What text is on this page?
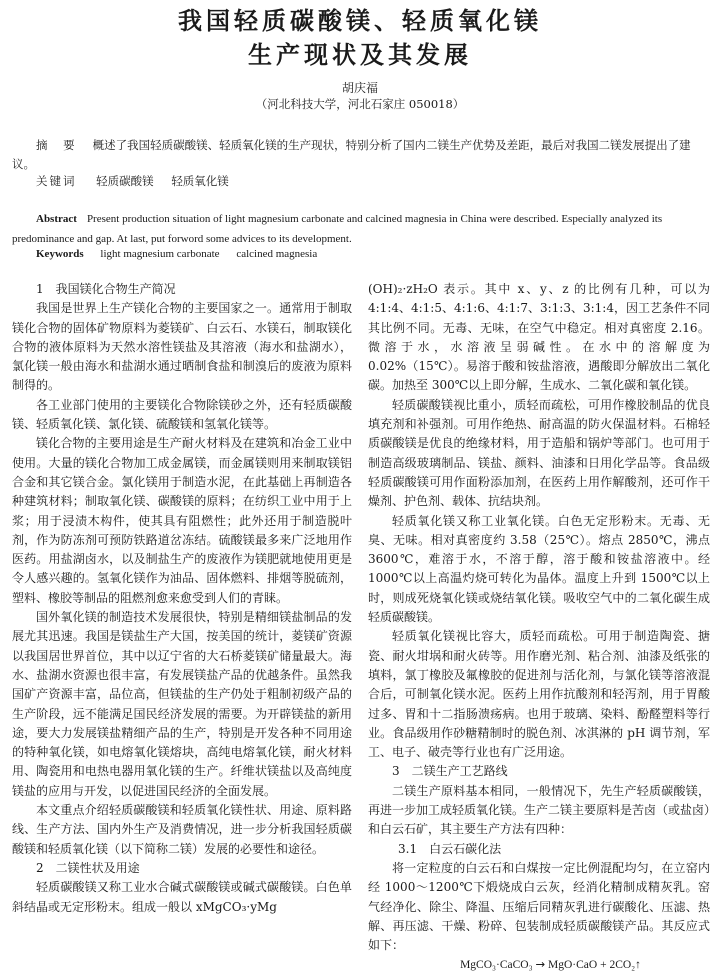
我国轻质碳酸镁、轻质氧化镁
生产现状及其发展
胡庆福
（河北科技大学，河北石家庄 050018）
摘 要 概述了我国轻质碳酸镁、轻质氧化镁的生产现状，特别分析了国内二镁生产优势及差距，最后对我国二镁发展提出了建议。
关键词 轻质碳酸镁 轻质氧化镁
Abstract Present production situation of light magnesium carbonate and calcined magnesia in China were described. Especially analyzed its predominance and gap. At last, put forword some advices to its development.
Keywords light magnesium carbonate calcined magnesia

1 我国镁化合物生产简况

我国是世界上生产镁化合物的主要国家之一。通常用于制取镁化合物的固体矿物原料为菱镁矿、白云石、水镁石，制取镁化合物的液体原料为天然水溶性镁盐及其溶液（海水和盐湖水），氯化镁一般由海水和盐湖水通过晒制食盐和制溴后的废液为原料制得的。

各工业部门使用的主要镁化合物除镁砂之外，还有轻质碳酸镁、轻质氧化镁、氯化镁、硫酸镁和氢氧化镁等。

镁化合物的主要用途是生产耐火材料及在建筑和冶金工业中使用。大量的镁化合物加工成金属镁，而金属镁则用来制取镁铝合金和其它镁合金。氯化镁用于制造水泥，在此基础上再制造各种建筑材料；制取氧化镁、碳酸镁的原料；在纺织工业中用于上浆；用于浸渍木构件，使其具有阻燃性；此外还用于制造脱叶剂，作为防冻剂可预防铁路道岔冻结。硫酸镁最多来广泛地用作医药。用盐湖卤水，以及制盐生产的废液作为镁肥就地使用更是令人感兴趣的。氢氧化镁作为油品、固体燃料、排烟等脱硫剂，塑料、橡胶等制品的阻燃剂愈来愈受到人们的青睐。

国外氧化镁的制造技术发展很快，特别是精细镁盐制品的发展尤其迅速。我国是镁盐生产大国，按美国的统计，菱镁矿资源以我国居世界首位，其中以辽宁省的大石桥菱镁矿储量最大。海水、盐湖水资源也很丰富，有发展镁盐产品的优越条件。虽然我国矿产资源丰富，品位高，但镁盐的生产仍处于粗制初级产品的生产阶段，远不能满足国民经济发展的需要。为开辟镁盐的新用途，要大力发展镁盐精细产品的生产，特别是开发各种不同用途的特种氧化镁，如电熔氧化镁熔块，高纯电熔氧化镁，耐火材料用、陶瓷用和电热电器用氧化镁的生产。纤维状镁盐以及高纯度镁盐的应用与开发，以促进国民经济的全面发展。

本文重点介绍轻质碳酸镁和轻质氧化镁性状、用途、原料路线、生产方法、国内外生产及消费情况，进一步分析我国轻质碳酸镁和轻质氧化镁（以下简称二镁）发展的必要性和途径。

2 二镁性状及用途

轻质碳酸镁又称工业水合碱式碳酸镁或碱式碳酸镁。白色单斜结晶或无定形粉末。组成一般以 xMgCO₃·yMg

(OH)₂·zH₂O 表示。其中 x、y、z 的比例有几种，可以为 4:1:4、4:1:5、4:1:6、4:1:7、3:1:3、3:1:4，因工艺条件不同其比例不同。无毒、无味，在空气中稳定。相对真密度 2.16。微溶于水，水溶液呈弱碱性。在水中的溶解度为 0.02%（15℃）。易溶于酸和铵盐溶液，遇酸即分解放出二氧化碳。加热至 300℃以上即分解，生成水、二氧化碳和氧化镁。

轻质碳酸镁视比重小，质轻而疏松，可用作橡胶制品的优良填充剂和补强剂。可用作绝热、耐高温的防火保温材料。石棉轻质碳酸镁是优良的绝缘材料，用于造船和锅炉等部门。也可用于制造高级玻璃制品、镁盐、颜料、油漆和日用化学品等。食品级轻质碳酸镁可用作面粉添加剂，在医药上用作解酸剂，还可作干燥剂、护色剂、载体、抗结块剂。

轻质氧化镁又称工业氧化镁。白色无定形粉末。无毒、无臭、无味。相对真密度约 3.58（25℃）。熔点 2850℃，沸点 3600℃，难溶于水，不溶于醇，溶于酸和铵盐溶液中。经 1000℃以上高温灼烧可转化为晶体。温度上升到 1500℃以上时，则成死烧氧化镁或烧结氧化镁。吸收空气中的二氧化碳生成轻质碳酸镁。

轻质氧化镁视比容大，质轻而疏松。可用于制造陶瓷、搪瓷、耐火坩埚和耐火砖等。用作磨光剂、粘合剂、油漆及纸张的填料，氯丁橡胶及氟橡胶的促进剂与活化剂，与氯化镁等溶液混合后，可制氧化镁水泥。医药上用作抗酸剂和轻泻剂，用于胃酸过多、胃和十二指肠溃疡病。也用于玻璃、染料、酚醛塑料等行业。食品级用作砂糖精制时的脱色剂、冰淇淋的 pH 调节剂，军工、电子、破壳等行业也有广泛用途。

3 二镁生产工艺路线

二镁生产原料基本相同，一般情况下，先生产轻质碳酸镁，再进一步加工成轻质氧化镁。生产二镁主要原料是苦卤（或盐卤）和白云石矿，其主要生产方法有四种：

3.1 白云石碳化法

将一定粒度的白云石和白煤按一定比例混配均匀，在立窑内经 1000～1200℃下煅烧成白云灰，经消化精制成精灰乳。窑气经净化、除尘、降温、压缩后同精灰乳进行碳酸化、压滤、热解、再压滤、干燥、粉碎、包装制成轻质碳酸镁产品。其反应式如下：

MgCO₃·CaCO₃ → MgO·CaO + 2CO₂↑
